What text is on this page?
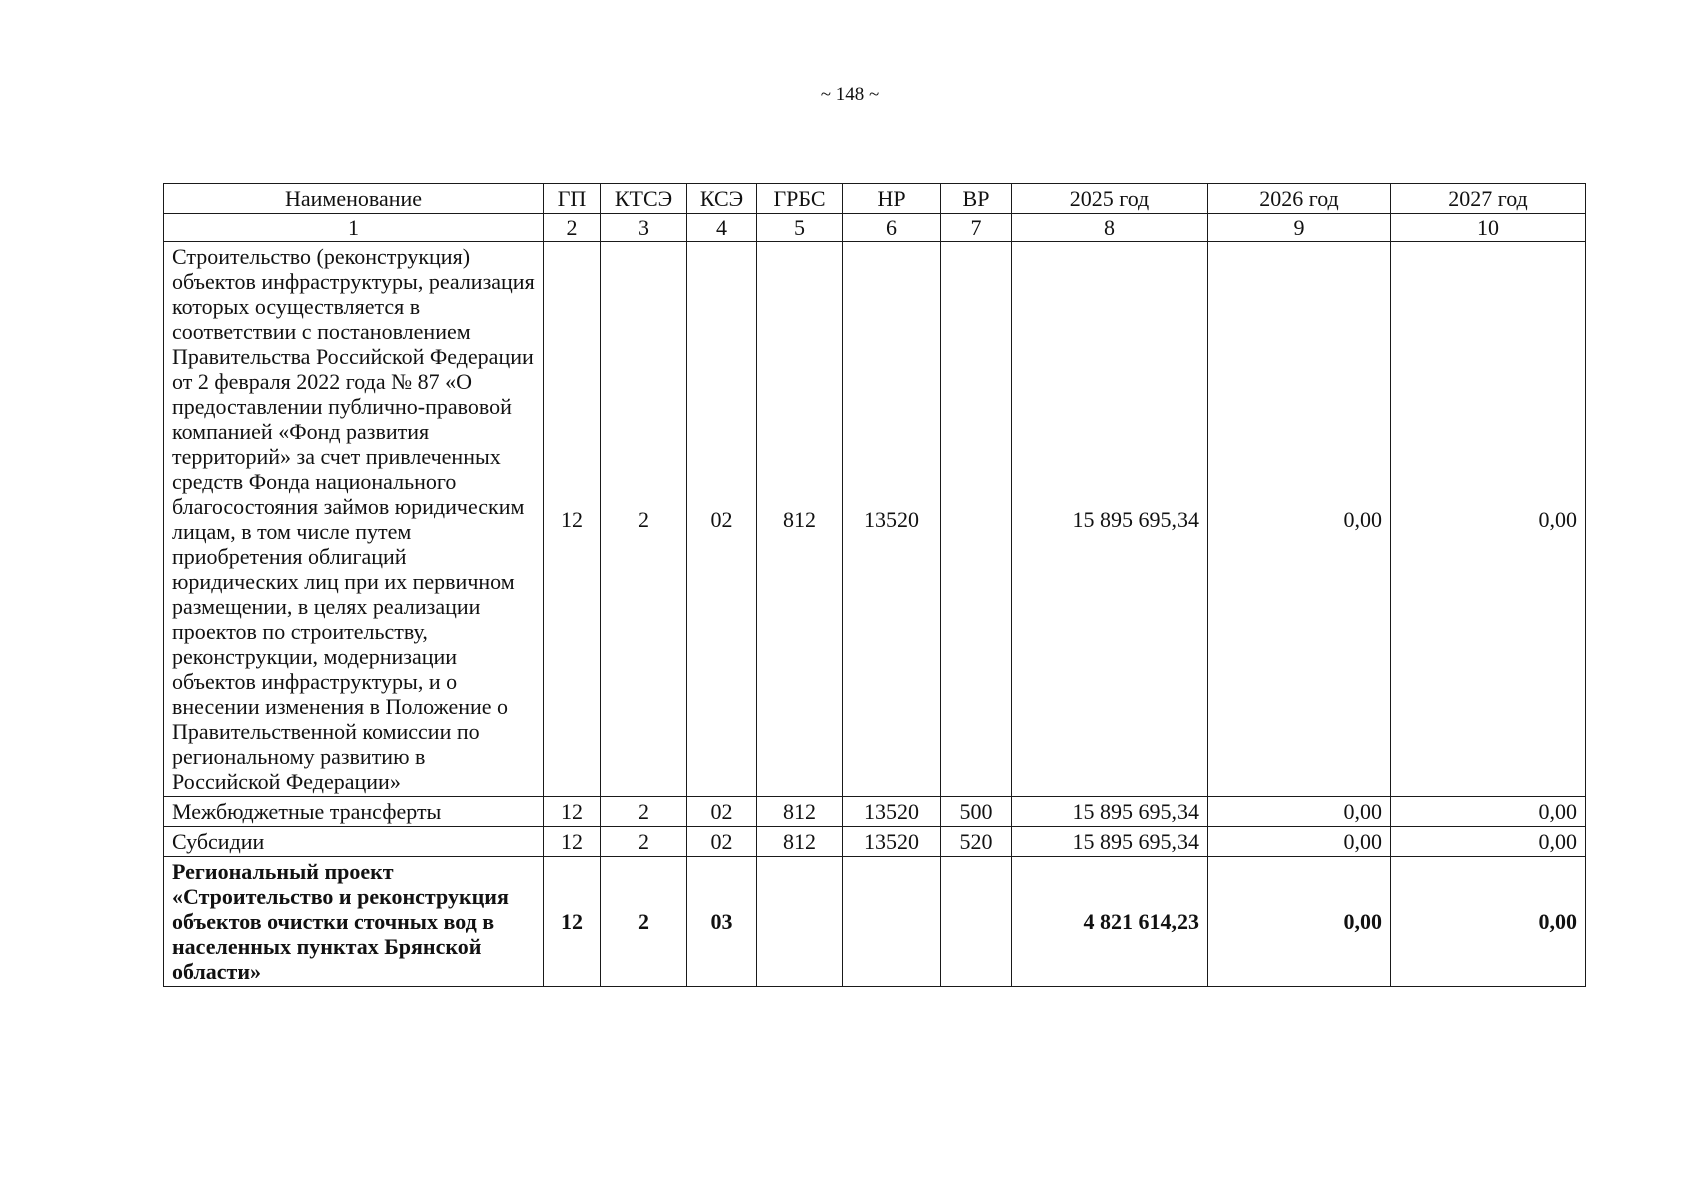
~ 148 ~
Наименование	ГП	КТСЭ	КСЭ	ГРБС	НР	ВР	2025 год	2026 год	2027 год
1	2	3	4	5	6	7	8	9	10
Строительство (реконструкция) объектов инфраструктуры, реализация которых осуществляется в соответствии с постановлением Правительства Российской Федерации от 2 февраля 2022 года № 87 «О предоставлении публично-правовой компанией «Фонд развития территорий» за счет привлеченных средств Фонда национального благосостояния займов юридическим лицам, в том числе путем приобретения облигаций юридических лиц при их первичном размещении, в целях реализации проектов по строительству, реконструкции, модернизации объектов инфраструктуры, и о внесении изменения в Положение о Правительственной комиссии по региональному развитию в Российской Федерации»	12	2	02	812	13520		15 895 695,34	0,00	0,00
Межбюджетные трансферты	12	2	02	812	13520	500	15 895 695,34	0,00	0,00
Субсидии	12	2	02	812	13520	520	15 895 695,34	0,00	0,00
Региональный проект «Строительство и реконструкция объектов очистки сточных вод в населенных пунктах Брянской области»	12	2	03				4 821 614,23	0,00	0,00
